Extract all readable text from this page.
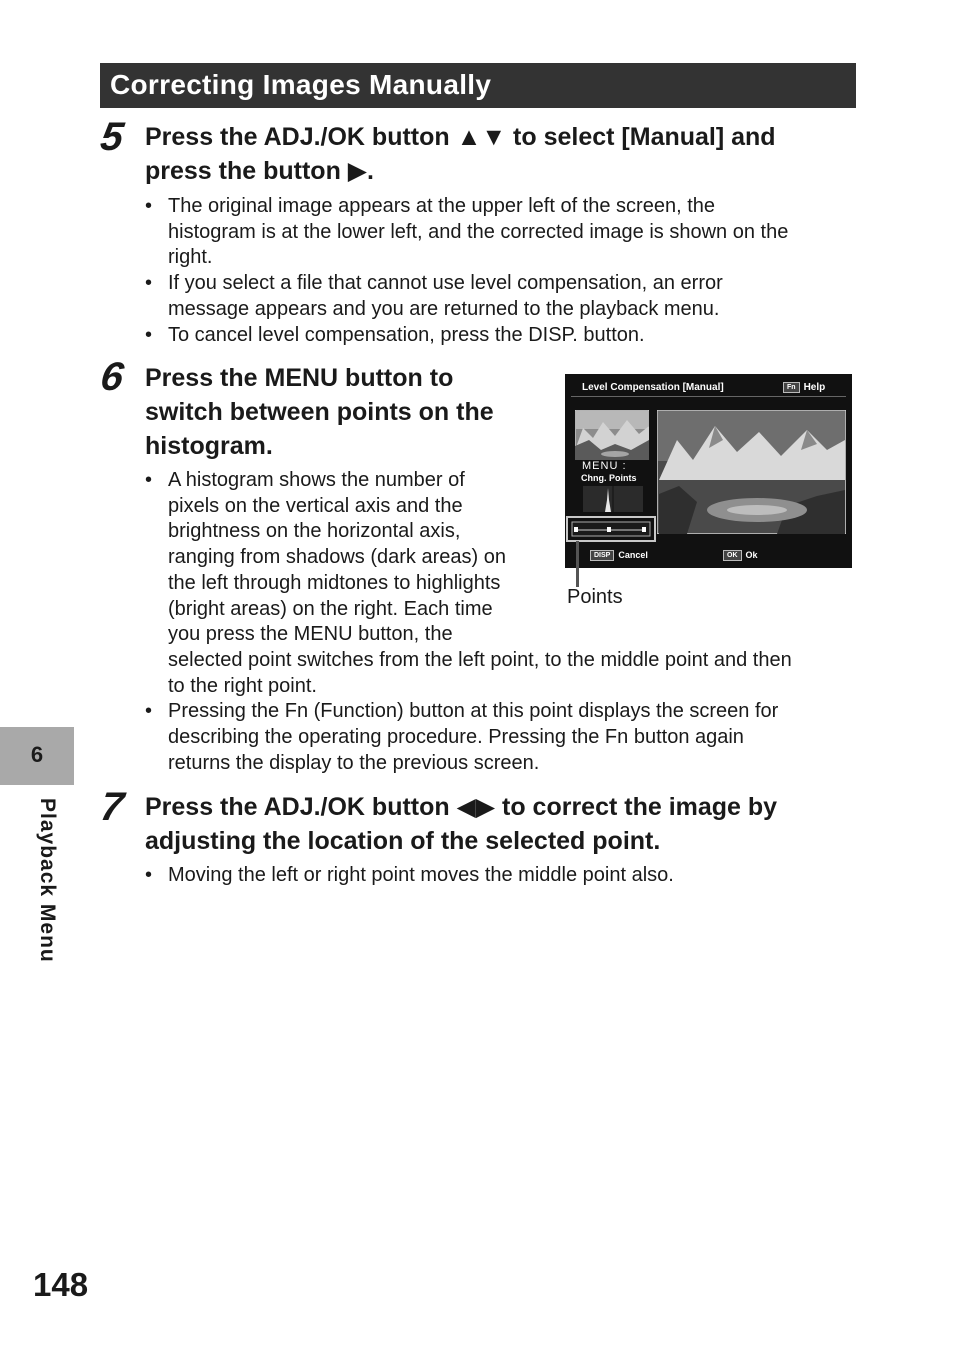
Correcting Images Manually
5 Press the ADJ./OK button ▲▼ to select [Manual] and
press the button ▶.
• The original image appears at the upper left of the screen, the
histogram is at the lower left, and the corrected image is shown on the
right.
• If you select a file that cannot use level compensation, an error
message appears and you are returned to the playback menu.
• To cancel level compensation, press the DISP. button.
6 Press the MENU button to
switch between points on the
histogram.
• A histogram shows the number of
pixels on the vertical axis and the
brightness on the horizontal axis,
ranging from shadows (dark areas) on
the left through midtones to highlights
(bright areas) on the right. Each time
you press the MENU button, the
selected point switches from the left point, to the middle point and then
to the right point.
• Pressing the Fn (Function) button at this point displays the screen for
describing the operating procedure. Pressing the Fn button again
returns the display to the previous screen.
Level Compensation [Manual]	Fn Help
MENU :
Chng. Points
DISP Cancel	OK Ok
Points
7 Press the ADJ./OK button ◀▶ to correct the image by
adjusting the location of the selected point.
• Moving the left or right point moves the middle point also.
6
Playback Menu
148
